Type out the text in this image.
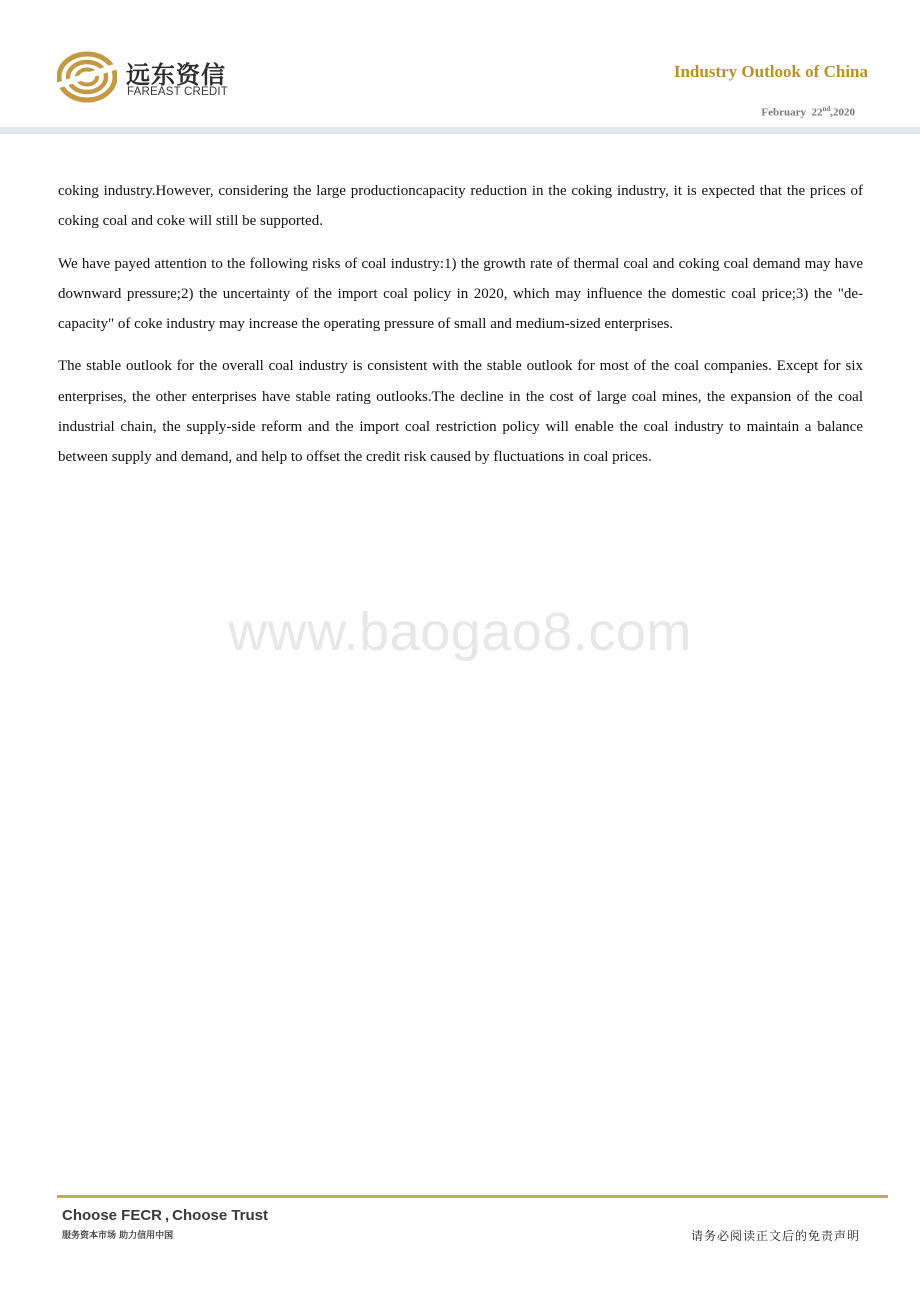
远东资信
FAREAST CREDIT
Industry Outlook of China
February 22nd,2020

coking industry.However, considering the large productioncapacity reduction in the coking industry, it is expected that the prices of coking coal and coke will still be supported.

We have payed attention to the following risks of coal industry:1) the growth rate of thermal coal and coking coal demand may have downward pressure;2) the uncertainty of the import coal policy in 2020, which may influence the domestic coal price;3) the "de-capacity" of coke industry may increase the operating pressure of small and medium-sized enterprises.

The stable outlook for the overall coal industry is consistent with the stable outlook for most of the coal companies. Except for six enterprises, the other enterprises have stable rating outlooks.The decline in the cost of large coal mines, the expansion of the coal industrial chain, the supply-side reform and the import coal restriction policy will enable the coal industry to maintain a balance between supply and demand, and help to offset the credit risk caused by fluctuations in coal prices.

www.baogao8.com
Choose FECR , Choose Trust
服务资本市场 助力信用中国	请务必阅读正文后的免责声明
